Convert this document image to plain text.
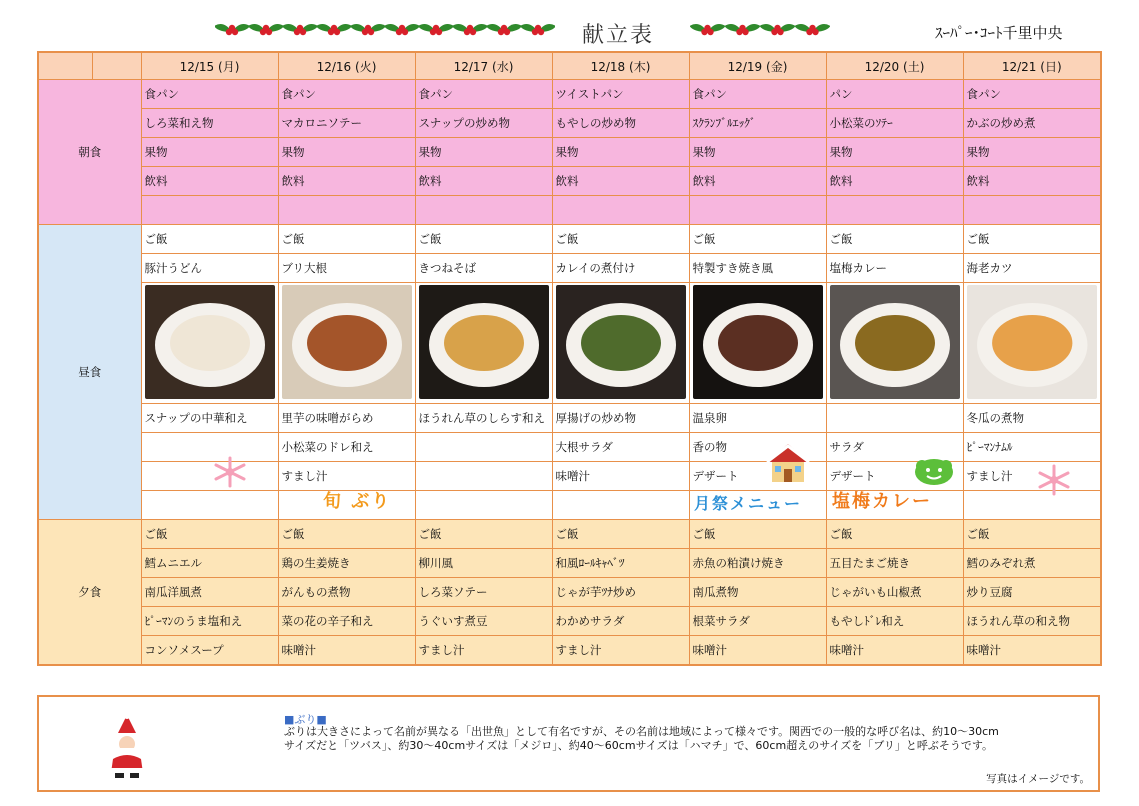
献立表	ｽｰﾊﾟｰ･ｺｰﾄ千里中央
		12/15 (月)	12/16 (火)	12/17 (水)	12/18 (木)	12/19 (金)	12/20 (土)	12/21 (日)
朝食		食パン	食パン	食パン	ツイストパン	食パン	パン	食パン
		しろ菜和え物	マカロニソテー	スナップの炒め物	もやしの炒め物	ｽｸﾗﾝﾌﾞﾙｴｯｸﾞ	小松菜のｿﾃｰ	かぶの炒め煮
		果物	果物	果物	果物	果物	果物	果物
		飲料	飲料	飲料	飲料	飲料	飲料	飲料

昼食		ご飯	ご飯	ご飯	ご飯	ご飯	ご飯	ご飯
		豚汁うどん	ブリ大根	きつねそば	カレイの煮付け	特製すき焼き風	塩梅カレー	海老カツ

		スナップの中華和え	里芋の味噌がらめ	ほうれん草のしらす和え	厚揚げの炒め物	温泉卵		冬瓜の煮物
			小松菜のドレ和え		大根サラダ	香の物	サラダ	ﾋﾟｰﾏﾝﾅﾑﾙ
			すまし汁		味噌汁	デザート	デザート	すまし汁

夕食		ご飯	ご飯	ご飯	ご飯	ご飯	ご飯	ご飯
		鱈ムニエル	鶏の生姜焼き	柳川風	和風ﾛｰﾙｷｬﾍﾞﾂ	赤魚の粕漬け焼き	五目たまご焼き	鱈のみぞれ煮
		南瓜洋風煮	がんもの煮物	しろ菜ソテー	じゃが芋ﾂﾅ炒め	南瓜煮物	じゃがいも山椒煮	炒り豆腐
		ﾋﾟｰﾏﾝのうま塩和え	菜の花の辛子和え	うぐいす煮豆	わかめサラダ	根菜サラダ	もやしﾄﾞﾚ和え	ほうれん草の和え物
		コンソメスープ	味噌汁	すまし汁	すまし汁	味噌汁	味噌汁	味噌汁
旬 ぶり	月祭メニュー 塩梅カレー
■ぶり■
ぶりは大きさによって名前が異なる「出世魚」として有名ですが、その名前は地域によって様々です。関西での一般的な呼び名は、約10～30cmサイズだと「ツバス」、約30～40cmサイズは「メジロ」、約40～60cmサイズは「ハマチ」で、60cm超えのサイズを「ブリ」と呼ぶそうです。
写真はイメージです。
